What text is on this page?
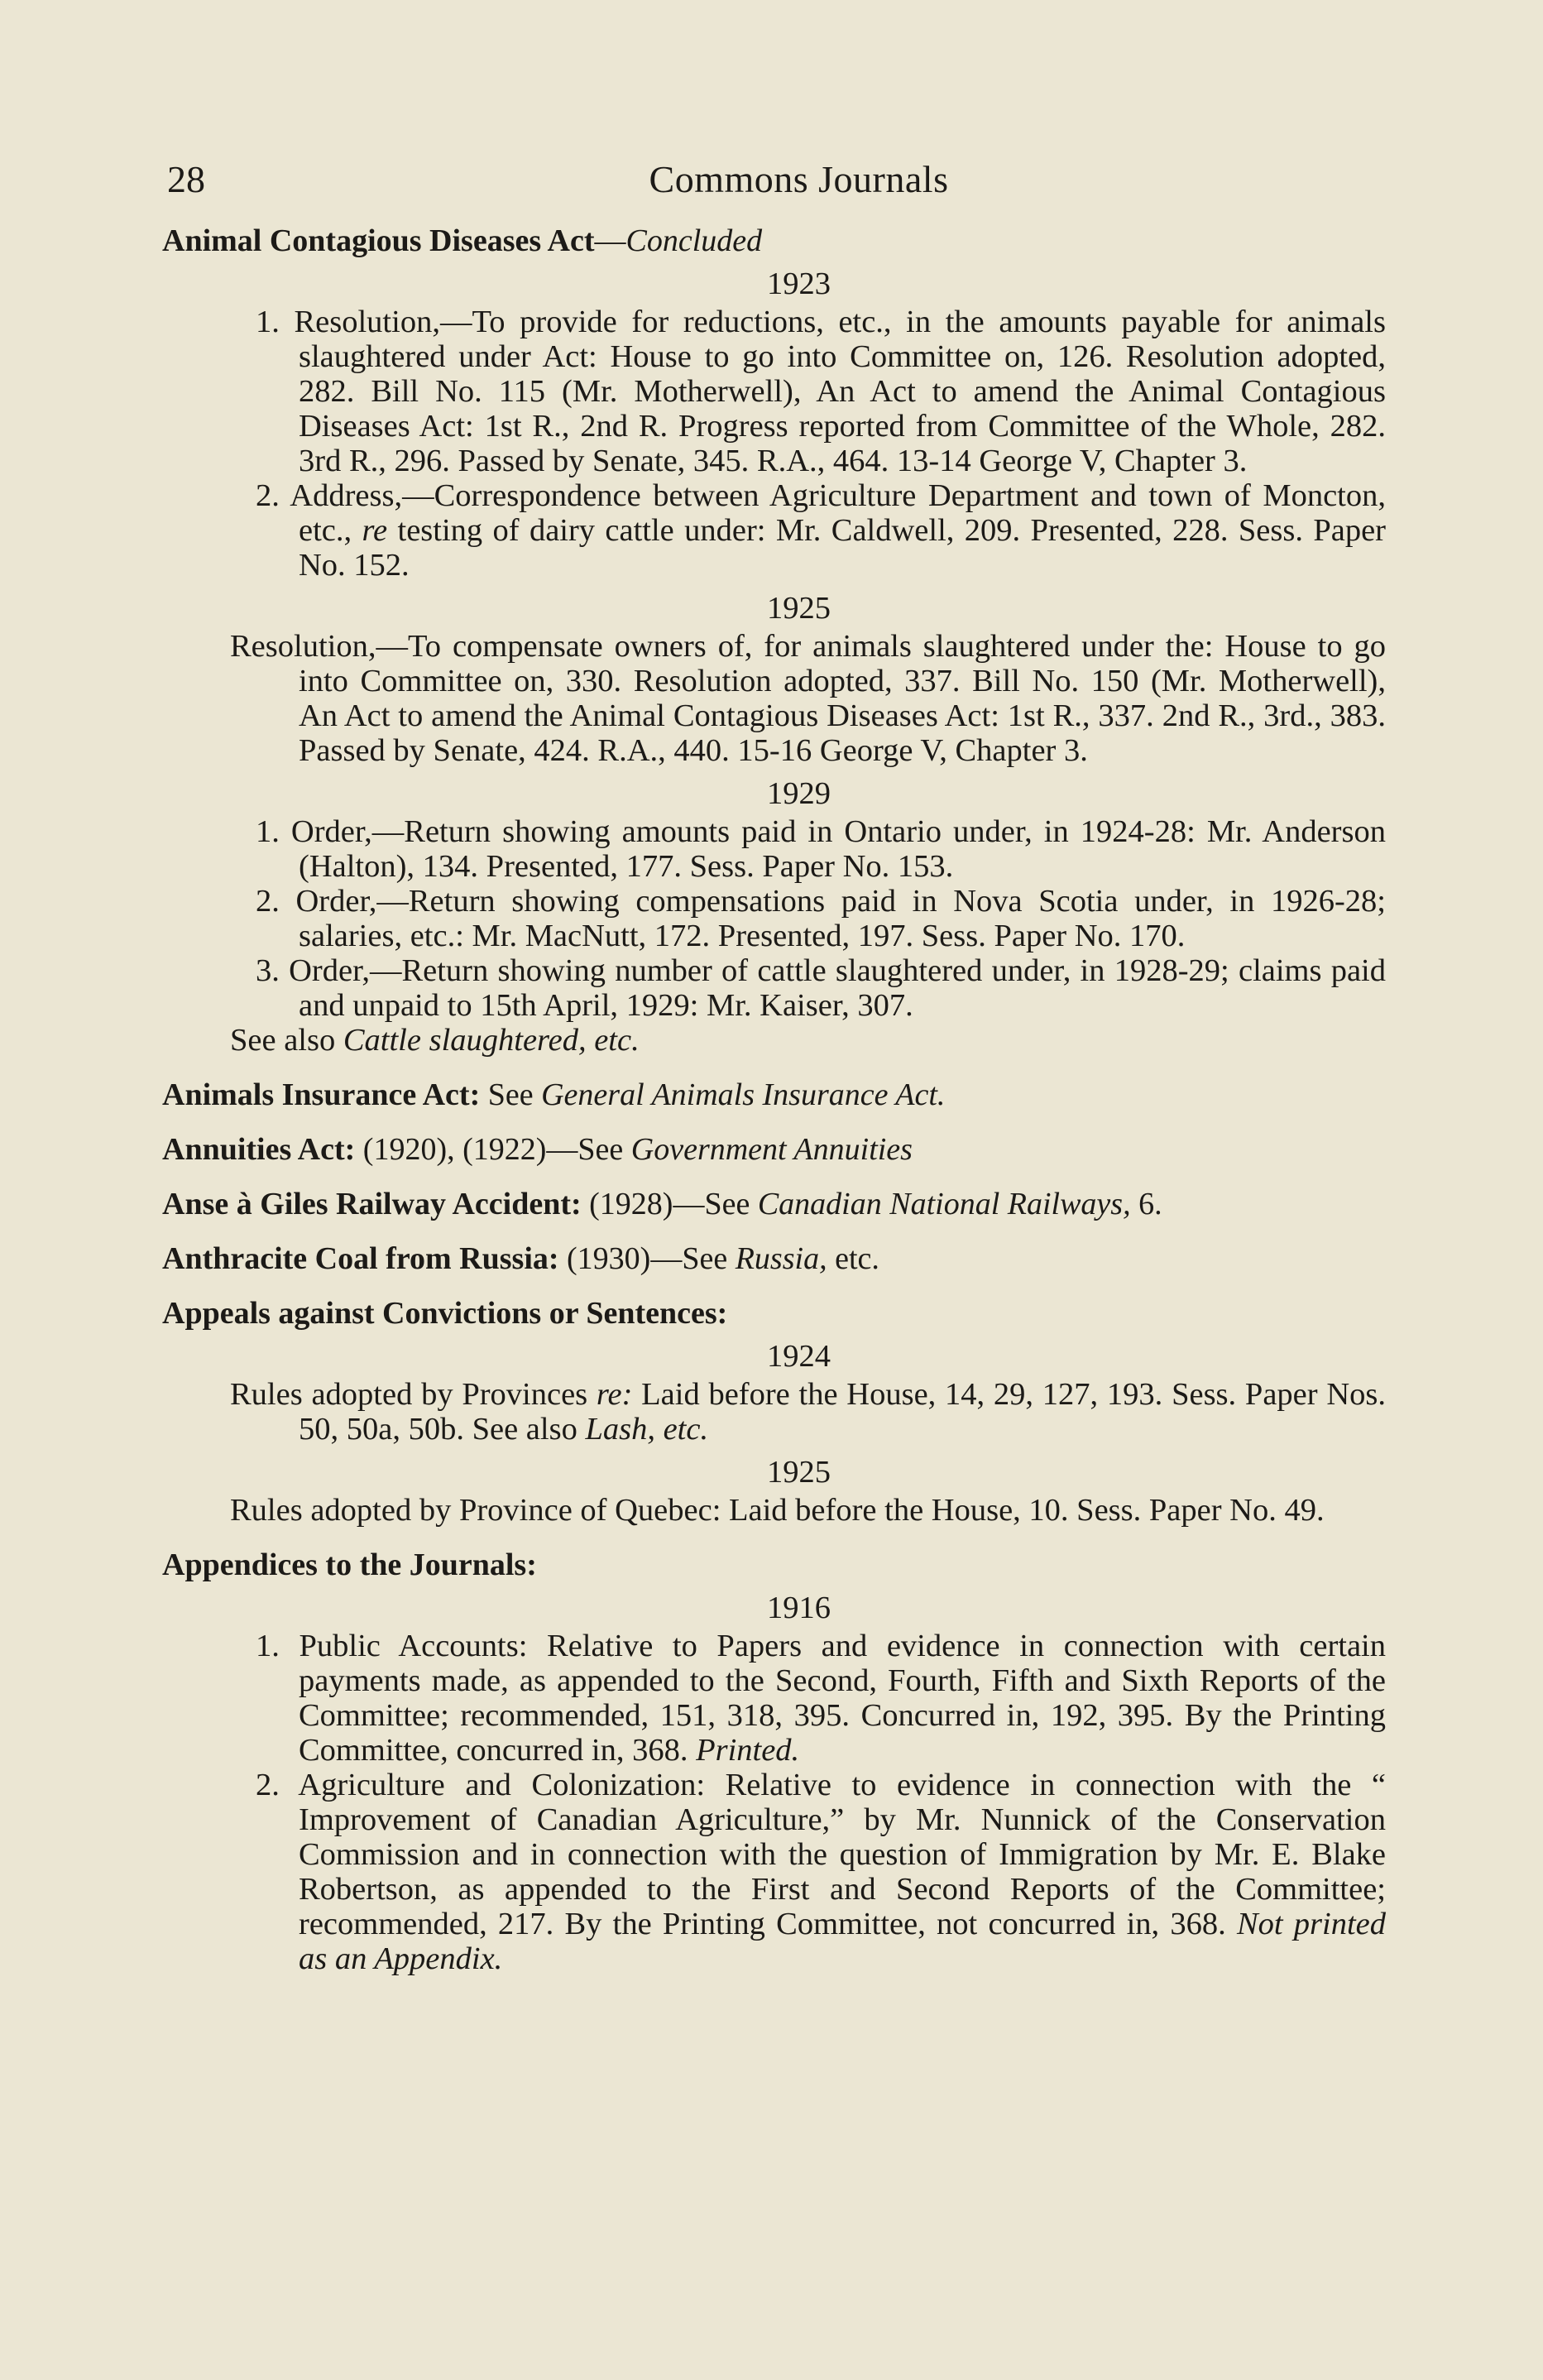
28	Commons Journals

Animal Contagious Diseases Act—Concluded

1923

1. Resolution,—To provide for reductions, etc., in the amounts payable for animals slaughtered under Act: House to go into Committee on, 126. Resolution adopted, 282. Bill No. 115 (Mr. Motherwell), An Act to amend the Animal Contagious Diseases Act: 1st R., 2nd R. Progress reported from Committee of the Whole, 282. 3rd R., 296. Passed by Senate, 345. R.A., 464. 13-14 George V, Chapter 3.

2. Address,—Correspondence between Agriculture Department and town of Moncton, etc., re testing of dairy cattle under: Mr. Caldwell, 209. Presented, 228. Sess. Paper No. 152.

1925

Resolution,—To compensate owners of, for animals slaughtered under the: House to go into Committee on, 330. Resolution adopted, 337. Bill No. 150 (Mr. Motherwell), An Act to amend the Animal Contagious Diseases Act: 1st R., 337. 2nd R., 3rd., 383. Passed by Senate, 424. R.A., 440. 15-16 George V, Chapter 3.

1929

1. Order,—Return showing amounts paid in Ontario under, in 1924-28: Mr. Anderson (Halton), 134. Presented, 177. Sess. Paper No. 153.

2. Order,—Return showing compensations paid in Nova Scotia under, in 1926-28; salaries, etc.: Mr. MacNutt, 172. Presented, 197. Sess. Paper No. 170.

3. Order,—Return showing number of cattle slaughtered under, in 1928-29; claims paid and unpaid to 15th April, 1929: Mr. Kaiser, 307.

See also Cattle slaughtered, etc.

Animals Insurance Act: See General Animals Insurance Act.

Annuities Act: (1920), (1922)—See Government Annuities

Anse à Giles Railway Accident: (1928)—See Canadian National Railways, 6.

Anthracite Coal from Russia: (1930)—See Russia, etc.

Appeals against Convictions or Sentences:

1924

Rules adopted by Provinces re: Laid before the House, 14, 29, 127, 193. Sess. Paper Nos. 50, 50a, 50b. See also Lash, etc.

1925

Rules adopted by Province of Quebec: Laid before the House, 10. Sess. Paper No. 49.

Appendices to the Journals:

1916

1. Public Accounts: Relative to Papers and evidence in connection with certain payments made, as appended to the Second, Fourth, Fifth and Sixth Reports of the Committee; recommended, 151, 318, 395. Concurred in, 192, 395. By the Printing Committee, concurred in, 368. Printed.

2. Agriculture and Colonization: Relative to evidence in connection with the “ Improvement of Canadian Agriculture,” by Mr. Nunnick of the Conservation Commission and in connection with the question of Immigration by Mr. E. Blake Robertson, as appended to the First and Second Reports of the Committee; recommended, 217. By the Printing Committee, not concurred in, 368. Not printed as an Appendix.
